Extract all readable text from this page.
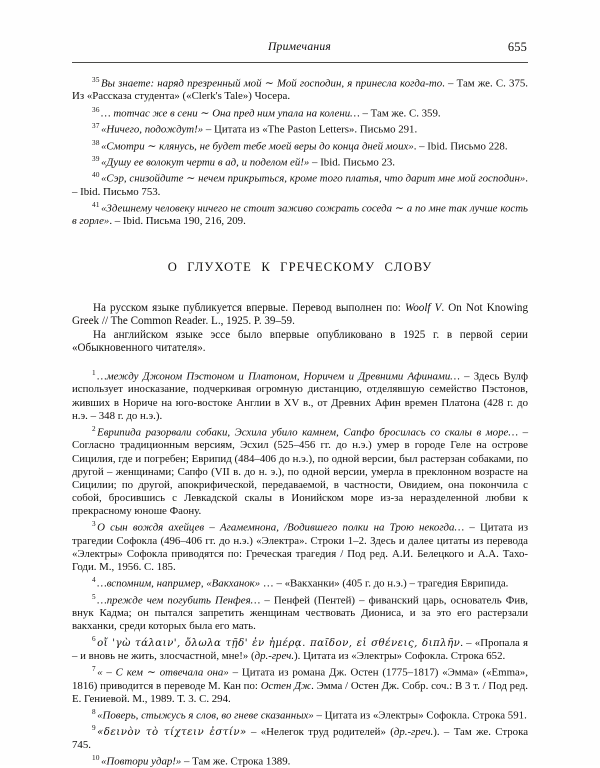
Примечания	655

$^{35}$Вы знаете: наряд презренный мой ∼ Мой господин, я принесла когда-то. – Там же. С. 375. Из «Рассказа студента» («Clerk's Tale») Чосера.

$^{36}$… тотчас же в сени ∼ Она пред ним упала на колени… – Там же. С. 359.

$^{37}$«Ничего, подождут!» – Цитата из «The Paston Letters». Письмо 291.

$^{38}$«Смотри ∼ клянусь, не будет тебе моей веры до конца дней моих». – Ibid. Письмо 228.

$^{39}$«Душу ее волокут черти в ад, и поделом ей!» – Ibid. Письмо 23.

$^{40}$«Сэр, снизойдите ∼ нечем прикрыться, кроме того платья, что дарит мне мой господин». – Ibid. Письмо 753.

$^{41}$«Здешнему человеку ничего не стоит заживо сожрать соседа ∼ а по мне так лучше кость в горле». – Ibid. Письма 190, 216, 209.

О ГЛУХОТЕ К ГРЕЧЕСКОМУ СЛОВУ

На русском языке публикуется впервые. Перевод выполнен по: Woolf V. On Not Knowing Greek // The Common Reader. L., 1925. P. 39–59.

На английском языке эссе было впервые опубликовано в 1925 г. в первой серии «Обыкновенного читателя».

$^1$…между Джоном Пэстоном и Платоном, Норичем и Древними Афинами… – Здесь Вулф использует иносказание, подчеркивая огромную дистанцию, отделявшую семейство Пэстонов, живших в Нориче на юго-востоке Англии в XV в., от Древних Афин времен Платона (428 г. до н.э. – 348 г. до н.э.).

$^2$Еврипида разорвали собаки, Эсхила убило камнем, Сапфо бросилась со скалы в море… – Согласно традиционным версиям, Эсхил (525–456 гг. до н.э.) умер в городе Геле на острове Сицилия, где и погребен; Еврипид (484–406 до н.э.), по одной версии, был растерзан собаками, по другой – женщинами; Сапфо (VII в. до н. э.), по одной версии, умерла в преклонном возрасте на Сицилии; по другой, апокрифической, передаваемой, в частности, Овидием, она покончила с собой, бросившись с Левкадской скалы в Ионийском море из-за неразделенной любви к прекрасному юноше Фаону.

$^3$О сын вождя ахейцев – Агамемнона, /Водившего полки на Трою некогда… – Цитата из трагедии Софокла (496–406 гг. до н.э.) «Электра». Строки 1–2. Здесь и далее цитаты из перевода «Электры» Софокла приводятся по: Греческая трагедия / Под ред. А.И. Белецкого и А.А. Тахо-Годи. М., 1956. С. 185.

$^4$…вспомним, например, «Вакханок» … – «Вакханки» (405 г. до н.э.) – трагедия Еврипида.

$^5$…прежде чем погубить Пенфея… – Пенфей (Пентей) – фиванский царь, основатель Фив, внук Кадма; он пытался запретить женщинам чествовать Диониса, и за это его растерзали вакханки, среди которых была его мать.

$^6$οἴ 'γὼ τάλαιν', ὄλωλα τῇδ' ἐν ἡμέρᾳ. παῖδον, εἰ σθένεις, διπλῆν. – «Пропала я – и вновь не жить, злосчастной, мне!» (др.-греч.). Цитата из «Электры» Софокла. Строка 652.

$^7$« – С кем ∼ отвечала она» – Цитата из романа Дж. Остен (1775–1817) «Эмма» («Emma», 1816) приводится в переводе М. Кан по: Остен Дж. Эмма / Остен Дж. Собр. соч.: В 3 т. / Под ред. Е. Гениевой. М., 1989. Т. 3. С. 294.

$^8$«Поверь, стыжусь я слов, во гневе сказанных» – Цитата из «Электры» Софокла. Строка 591.

$^9$«δεινὸν τὸ τίχτειν ἐστίν» – «Нелегок труд родителей» (др.-греч.). – Там же. Строка 745.

$^{10}$«Повтори удар!» – Там же. Строка 1389.
